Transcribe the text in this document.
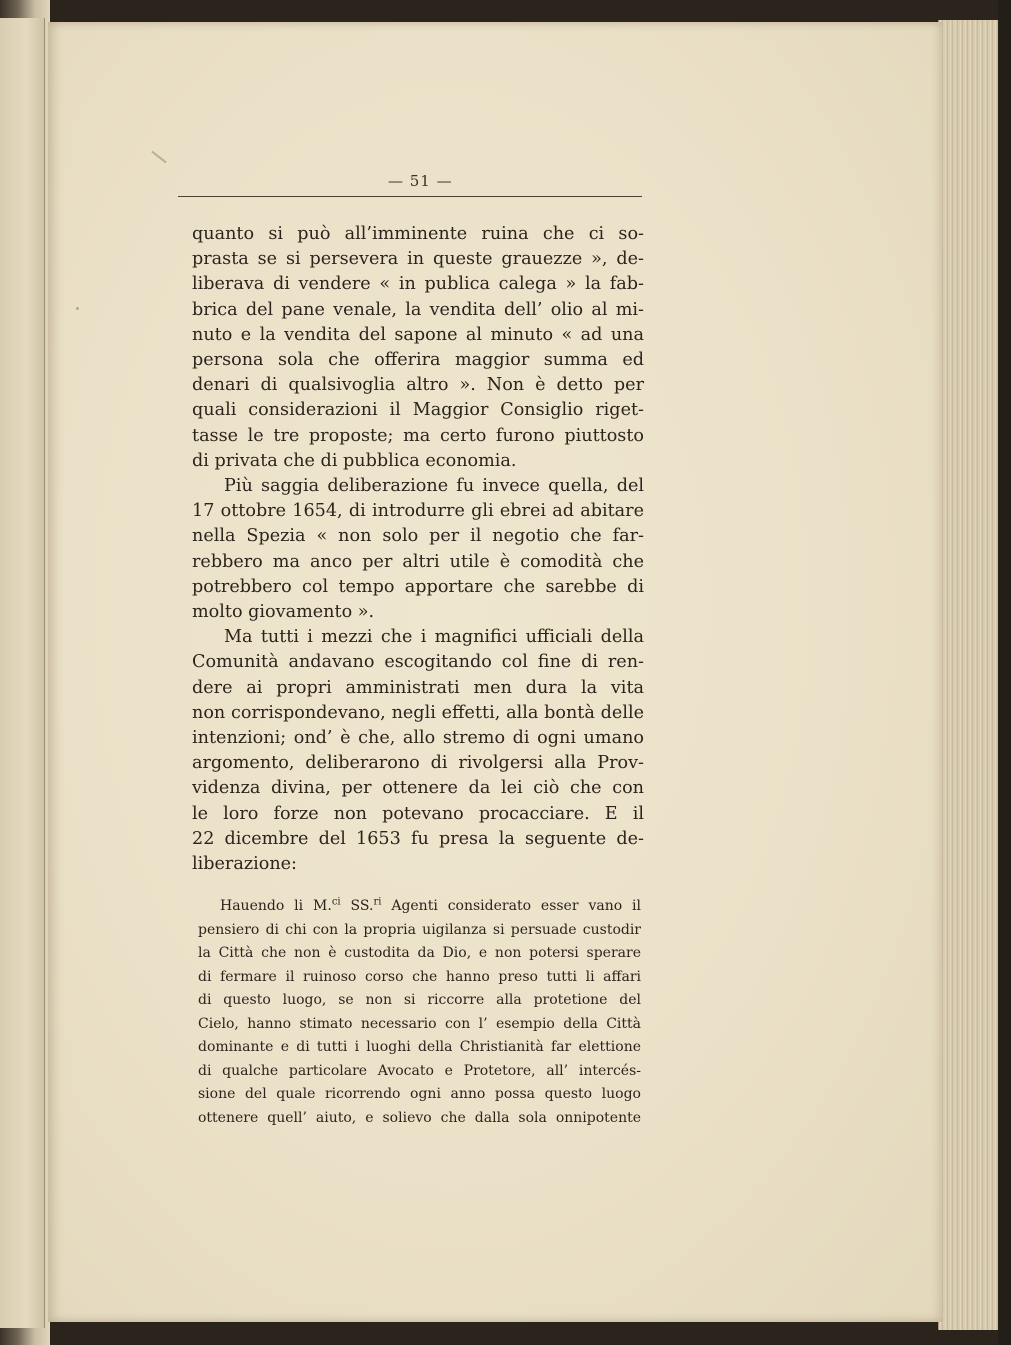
— 51 —
quanto si può all’imminente ruina che ci so-
prasta se si persevera in queste grauezze », de-
liberava di vendere « in publica calega » la fab-
brica del pane venale, la vendita dell’ olio al mi-
nuto e la vendita del sapone al minuto « ad una
persona sola che offerira maggior summa ed
denari di qualsivoglia altro ». Non è detto per
quali considerazioni il Maggior Consiglio riget-
tasse le tre proposte; ma certo furono piuttosto
di privata che di pubblica economia.
Più saggia deliberazione fu invece quella, del
17 ottobre 1654, di introdurre gli ebrei ad abitare
nella Spezia « non solo per il negotio che far-
rebbero ma anco per altri utile è comodità che
potrebbero col tempo apportare che sarebbe di
molto giovamento ».
Ma tutti i mezzi che i magnifici ufficiali della
Comunità andavano escogitando col fine di ren-
dere ai propri amministrati men dura la vita
non corrispondevano, negli effetti, alla bontà delle
intenzioni; ond’ è che, allo stremo di ogni umano
argomento, deliberarono di rivolgersi alla Prov-
videnza divina, per ottenere da lei ciò che con
le loro forze non potevano procacciare. E il
22 dicembre del 1653 fu presa la seguente de-
liberazione:
Hauendo li M.$^{ci}$ SS.$^{ri}$ Agenti considerato esser vano il
pensiero di chi con la propria uigilanza si persuade custodir
la Città che non è custodita da Dio, e non potersi sperare
di fermare il ruinoso corso che hanno preso tutti li affari
di questo luogo, se non si riccorre alla protetione del
Cielo, hanno stimato necessario con l’ esempio della Città
dominante e di tutti i luoghi della Christianità far elettione
di qualche particolare Avocato e Protetore, all’ intercés-
sione del quale ricorrendo ogni anno possa questo luogo
ottenere quell’ aiuto, e solievo che dalla sola onnipotente
